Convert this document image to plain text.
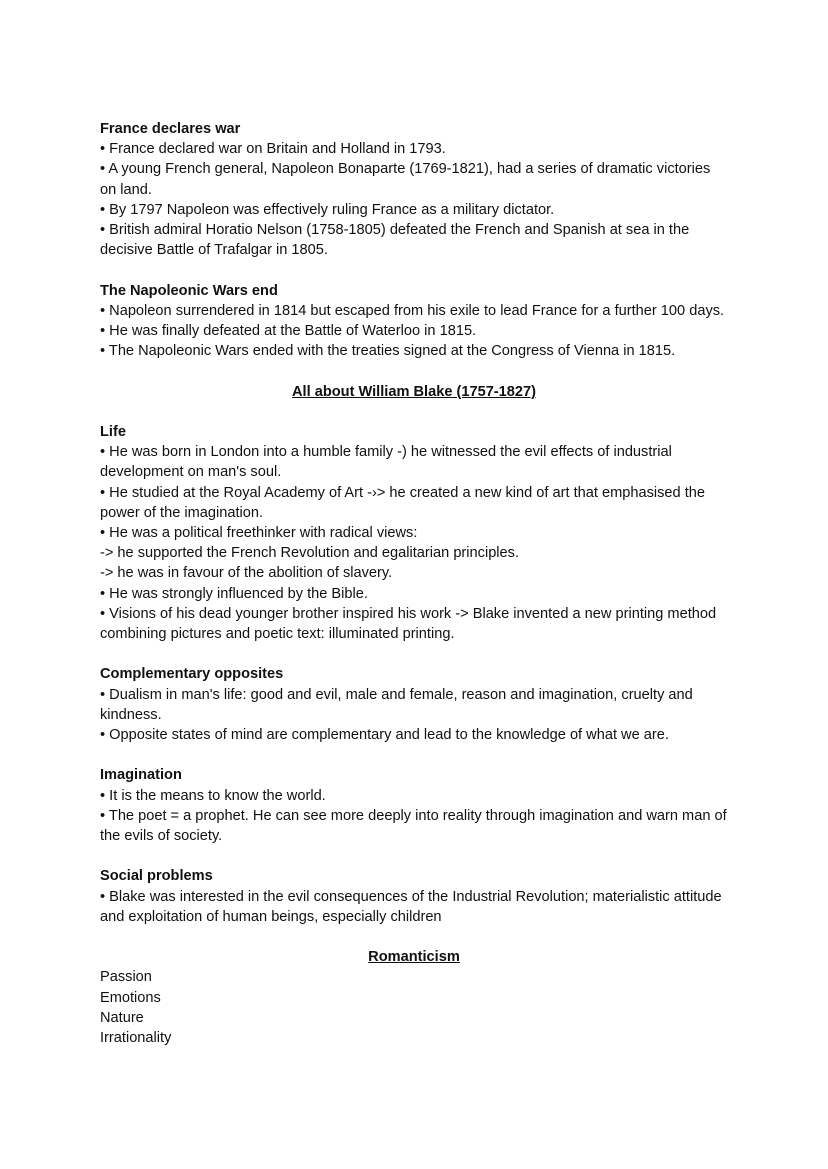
France declares war

• France declared war on Britain and Holland in 1793.

• A young French general, Napoleon Bonaparte (1769-1821), had a series of dramatic victories on land.

• By 1797 Napoleon was effectively ruling France as a military dictator.

• British admiral Horatio Nelson (1758-1805) defeated the French and Spanish at sea in the decisive Battle of Trafalgar in 1805.

The Napoleonic Wars end

• Napoleon surrendered in 1814 but escaped from his exile to lead France for a further 100 days.

• He was finally defeated at the Battle of Waterloo in 1815.

• The Napoleonic Wars ended with the treaties signed at the Congress of Vienna in 1815.

All about William Blake (1757-1827)

Life

• He was born in London into a humble family -) he witnessed the evil effects of industrial development on man's soul.

• He studied at the Royal Academy of Art -›> he created a new kind of art that emphasised the power of the imagination.

• He was a political freethinker with radical views:

-> he supported the French Revolution and egalitarian principles.

-> he was in favour of the abolition of slavery.

• He was strongly influenced by the Bible.

• Visions of his dead younger brother inspired his work -> Blake invented a new printing method combining pictures and poetic text: illuminated printing.

Complementary opposites

• Dualism in man's life: good and evil, male and female, reason and imagination, cruelty and kindness.

• Opposite states of mind are complementary and lead to the knowledge of what we are.

Imagination

• It is the means to know the world.

• The poet = a prophet. He can see more deeply into reality through imagination and warn man of the evils of society.

Social problems

• Blake was interested in the evil consequences of the Industrial Revolution; materialistic attitude and exploitation of human beings, especially children

Romanticism

Passion

Emotions

Nature

Irrationality
